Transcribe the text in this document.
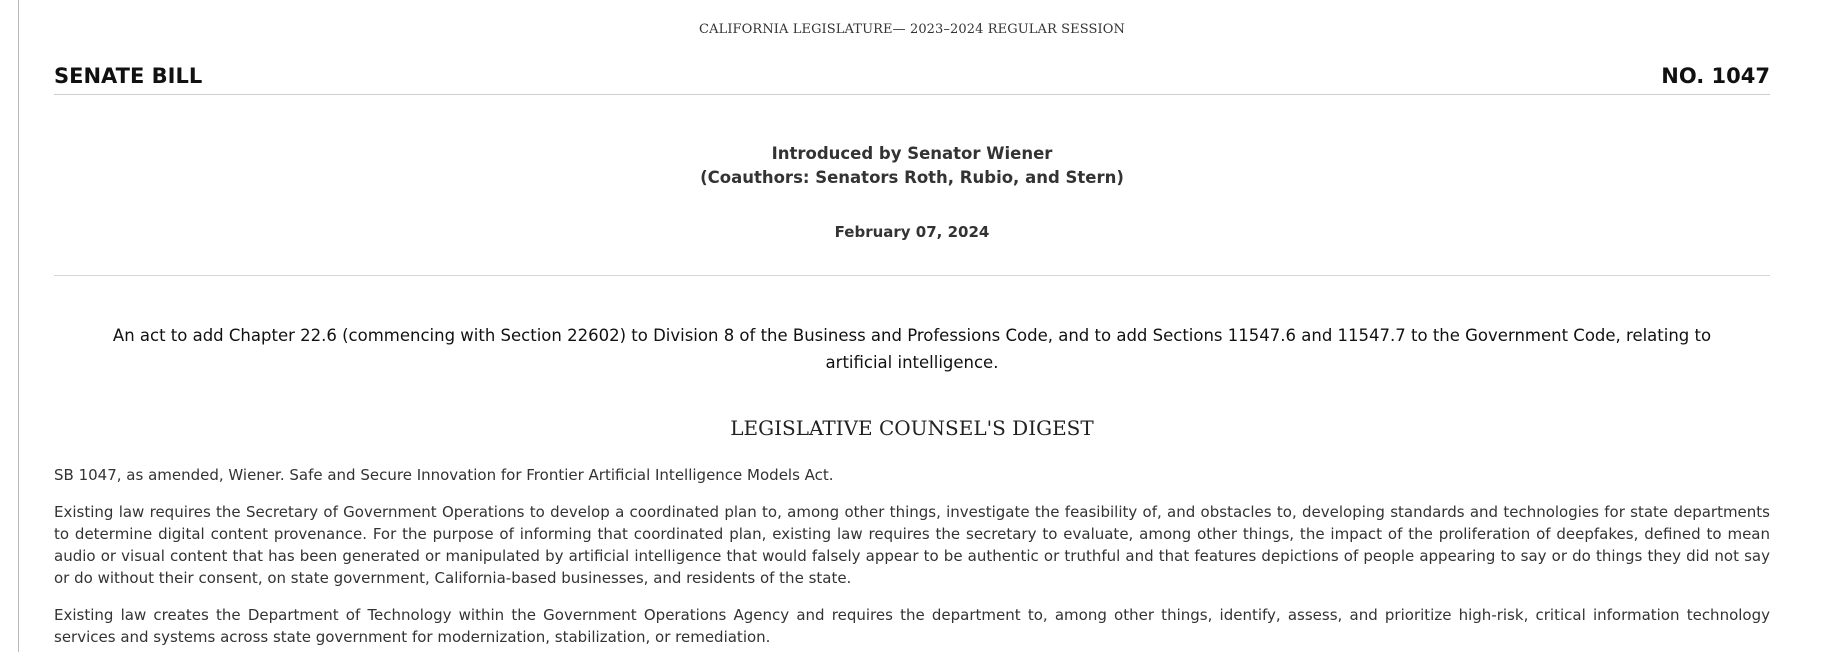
CALIFORNIA LEGISLATURE— 2023–2024 REGULAR SESSION
SENATE BILL	NO. 1047
Introduced by Senator Wiener
(Coauthors: Senators Roth, Rubio, and Stern)
February 07, 2024
An act to add Chapter 22.6 (commencing with Section 22602) to Division 8 of the Business and Professions Code, and to add Sections 11547.6 and 11547.7 to the Government Code, relating to artificial intelligence.
LEGISLATIVE COUNSEL'S DIGEST

SB 1047, as amended, Wiener. Safe and Secure Innovation for Frontier Artificial Intelligence Models Act.

Existing law requires the Secretary of Government Operations to develop a coordinated plan to, among other things, investigate the feasibility of, and obstacles to, developing standards and technologies for state departments to determine digital content provenance. For the purpose of informing that coordinated plan, existing law requires the secretary to evaluate, among other things, the impact of the proliferation of deepfakes, defined to mean audio or visual content that has been generated or manipulated by artificial intelligence that would falsely appear to be authentic or truthful and that features depictions of people appearing to say or do things they did not say or do without their consent, on state government, California-based businesses, and residents of the state.

Existing law creates the Department of Technology within the Government Operations Agency and requires the department to, among other things, identify, assess, and prioritize high-risk, critical information technology services and systems across state government for modernization, stabilization, or remediation.
